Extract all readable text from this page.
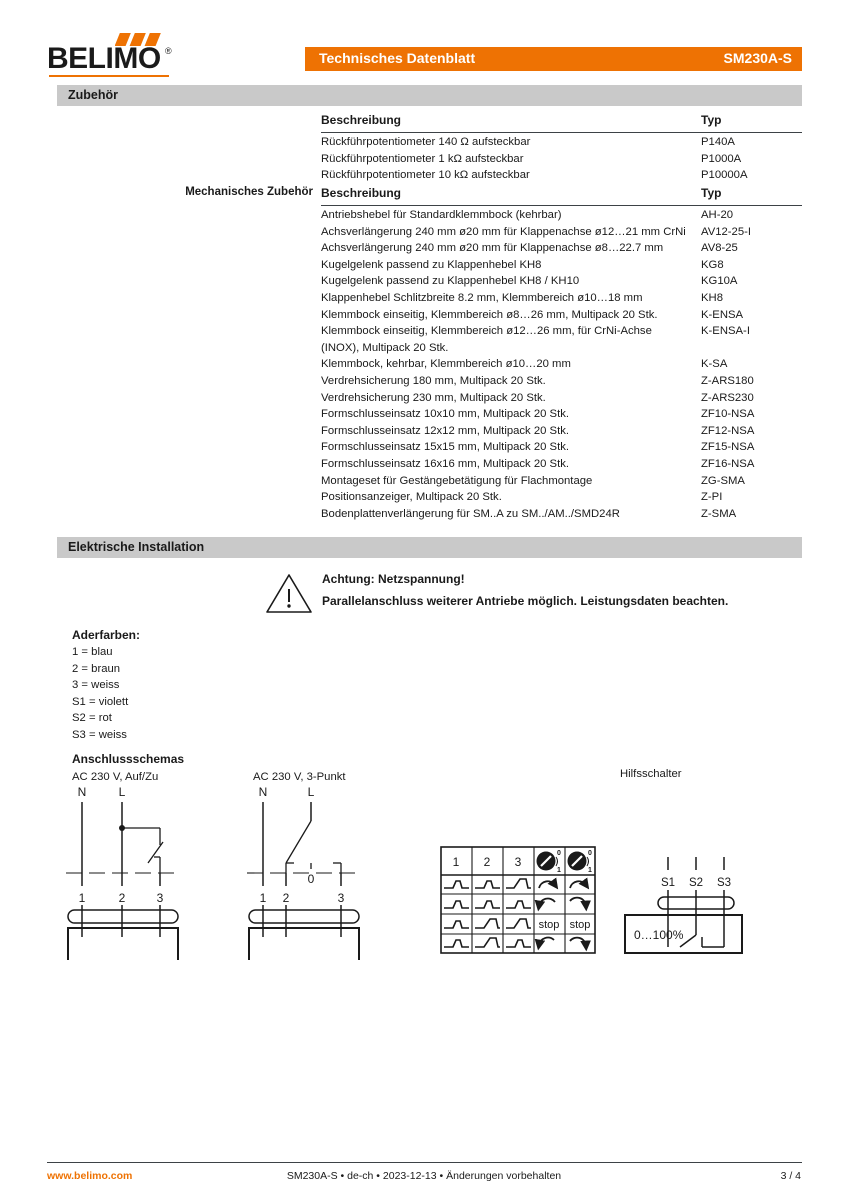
BELIMO ®	Technisches Datenblatt	SM230A-S
Zubehör
Beschreibung	Typ
Rückführpotentiometer 140 Ω aufsteckbar	P140A
Rückführpotentiometer 1 kΩ aufsteckbar	P1000A
Rückführpotentiometer 10 kΩ aufsteckbar	P10000A
Mechanisches Zubehör Beschreibung	Typ
Antriebshebel für Standardklemmbock (kehrbar)	AH-20
Achsverlängerung 240 mm ø20 mm für Klappenachse ø12…21 mm CrNi AV12-25-I
Achsverlängerung 240 mm ø20 mm für Klappenachse ø8…22.7 mm	AV8-25
Kugelgelenk passend zu Klappenhebel KH8	KG8
Kugelgelenk passend zu Klappenhebel KH8 / KH10	KG10A
Klappenhebel Schlitzbreite 8.2 mm, Klemmbereich ø10…18 mm	KH8
Klemmbock einseitig, Klemmbereich ø8…26 mm, Multipack 20 Stk.	K-ENSA
Klemmbock einseitig, Klemmbereich ø12…26 mm, für CrNi-Achse	K-ENSA-I
(INOX), Multipack 20 Stk.
Klemmbock, kehrbar, Klemmbereich ø10…20 mm	K-SA
Verdrehsicherung 180 mm, Multipack 20 Stk.	Z-ARS180
Verdrehsicherung 230 mm, Multipack 20 Stk.	Z-ARS230
Formschlusseinsatz 10x10 mm, Multipack 20 Stk.	ZF10-NSA
Formschlusseinsatz 12x12 mm, Multipack 20 Stk.	ZF12-NSA
Formschlusseinsatz 15x15 mm, Multipack 20 Stk.	ZF15-NSA
Formschlusseinsatz 16x16 mm, Multipack 20 Stk.	ZF16-NSA
Montageset für Gestängebetätigung für Flachmontage	ZG-SMA
Positionsanzeiger, Multipack 20 Stk.	Z-PI
Bodenplattenverlängerung für SM..A zu SM../AM../SMD24R	Z-SMA
Elektrische Installation
Achtung: Netzspannung!
Parallelanschluss weiterer Antriebe möglich. Leistungsdaten beachten.
Aderfarben:
1 = blau
2 = braun
3 = weiss
S1 = violett
S2 = rot
S3 = weiss
Anschlussschemas
AC 230 V, Auf/Zu	AC 230 V, 3-Punkt	Hilfsschalter
N	L
1	2	3
N	L
0
1 2	3
1 2 3
0
1
0
1
stop stop
S1 S2 S3
0…100%
www.belimo.com	SM230A-S • de-ch • 2023-12-13 • Änderungen vorbehalten	3 / 4
